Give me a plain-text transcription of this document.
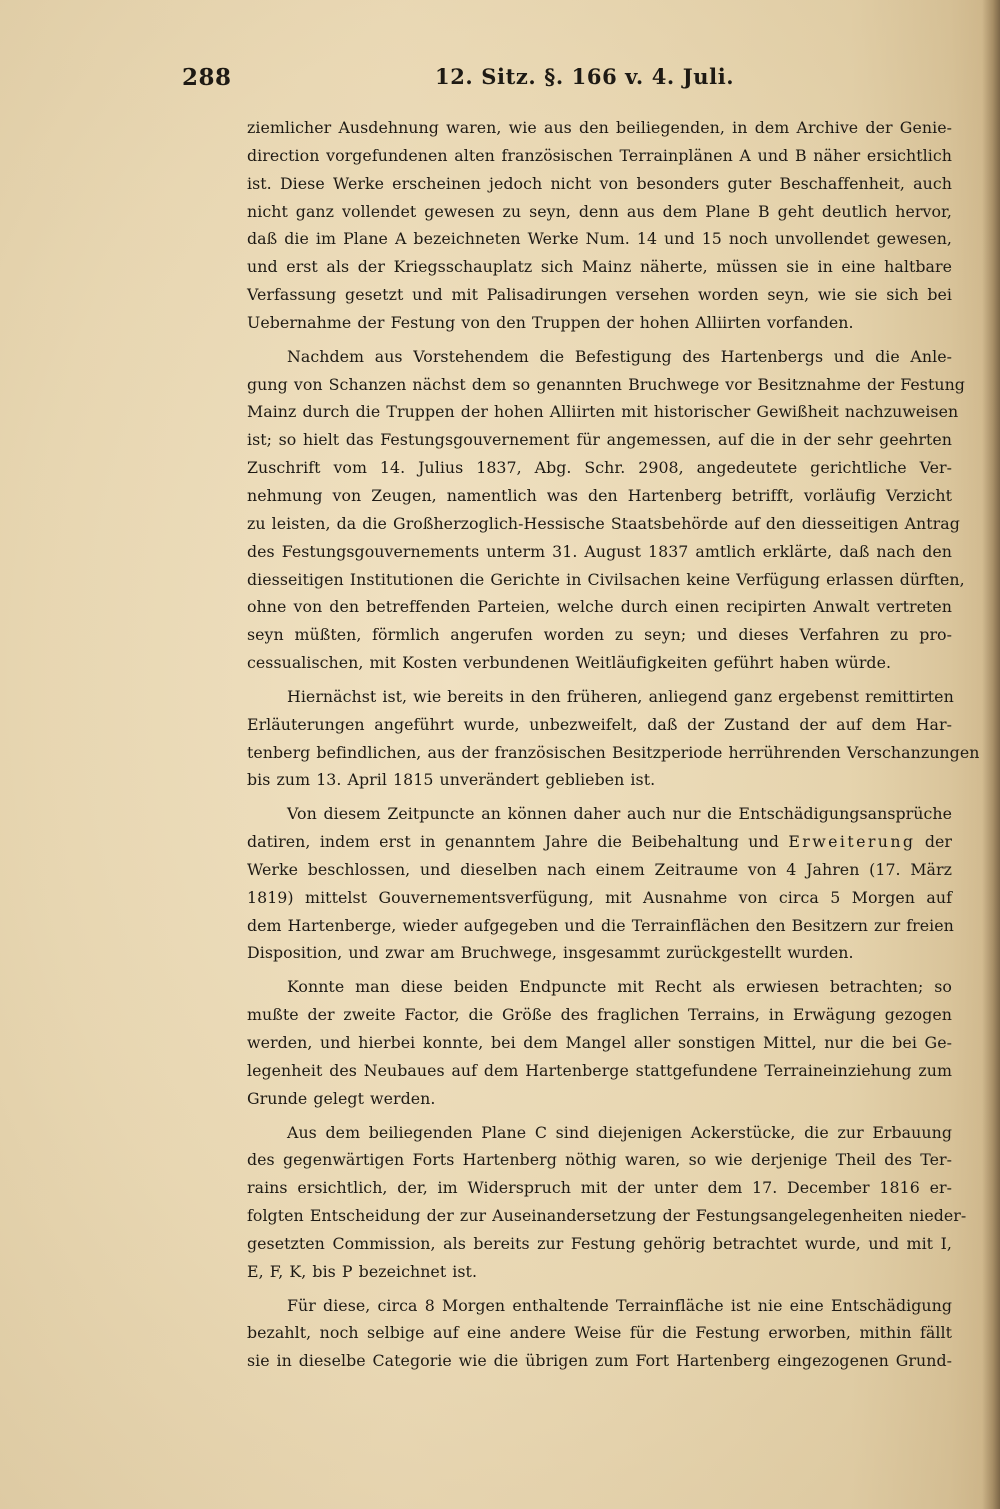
288	12. Sitz. §. 166 v. 4. Juli.
ziemlicher Ausdehnung waren, wie aus den beiliegenden, in dem Archive der Genie-
direction vorgefundenen alten französischen Terrainplänen A und B näher ersichtlich
ist. Diese Werke erscheinen jedoch nicht von besonders guter Beschaffenheit, auch
nicht ganz vollendet gewesen zu seyn, denn aus dem Plane B geht deutlich hervor,
daß die im Plane A bezeichneten Werke Num. 14 und 15 noch unvollendet gewesen,
und erst als der Kriegsschauplatz sich Mainz näherte, müssen sie in eine haltbare
Verfassung gesetzt und mit Palisadirungen versehen worden seyn, wie sie sich bei
Uebernahme der Festung von den Truppen der hohen Alliirten vorfanden.
Nachdem aus Vorstehendem die Befestigung des Hartenbergs und die Anle-
gung von Schanzen nächst dem so genannten Bruchwege vor Besitznahme der Festung
Mainz durch die Truppen der hohen Alliirten mit historischer Gewißheit nachzuweisen
ist; so hielt das Festungsgouvernement für angemessen, auf die in der sehr geehrten
Zuschrift vom 14. Julius 1837, Abg. Schr. 2908, angedeutete gerichtliche Ver-
nehmung von Zeugen, namentlich was den Hartenberg betrifft, vorläufig Verzicht
zu leisten, da die Großherzoglich-Hessische Staatsbehörde auf den diesseitigen Antrag
des Festungsgouvernements unterm 31. August 1837 amtlich erklärte, daß nach den
diesseitigen Institutionen die Gerichte in Civilsachen keine Verfügung erlassen dürften,
ohne von den betreffenden Parteien, welche durch einen recipirten Anwalt vertreten
seyn müßten, förmlich angerufen worden zu seyn; und dieses Verfahren zu pro-
cessualischen, mit Kosten verbundenen Weitläufigkeiten geführt haben würde.
Hiernächst ist, wie bereits in den früheren, anliegend ganz ergebenst remittirten
Erläuterungen angeführt wurde, unbezweifelt, daß der Zustand der auf dem Har-
tenberg befindlichen, aus der französischen Besitzperiode herrührenden Verschanzungen
bis zum 13. April 1815 unverändert geblieben ist.
Von diesem Zeitpuncte an können daher auch nur die Entschädigungsansprüche
datiren, indem erst in genanntem Jahre die Beibehaltung und Erweiterung der
Werke beschlossen, und dieselben nach einem Zeitraume von 4 Jahren (17. März
1819) mittelst Gouvernementsverfügung, mit Ausnahme von circa 5 Morgen auf
dem Hartenberge, wieder aufgegeben und die Terrainflächen den Besitzern zur freien
Disposition, und zwar am Bruchwege, insgesammt zurückgestellt wurden.
Konnte man diese beiden Endpuncte mit Recht als erwiesen betrachten; so
mußte der zweite Factor, die Größe des fraglichen Terrains, in Erwägung gezogen
werden, und hierbei konnte, bei dem Mangel aller sonstigen Mittel, nur die bei Ge-
legenheit des Neubaues auf dem Hartenberge stattgefundene Terraineinziehung zum
Grunde gelegt werden.
Aus dem beiliegenden Plane C sind diejenigen Ackerstücke, die zur Erbauung
des gegenwärtigen Forts Hartenberg nöthig waren, so wie derjenige Theil des Ter-
rains ersichtlich, der, im Widerspruch mit der unter dem 17. December 1816 er-
folgten Entscheidung der zur Auseinandersetzung der Festungsangelegenheiten nieder-
gesetzten Commission, als bereits zur Festung gehörig betrachtet wurde, und mit I,
E, F, K, bis P bezeichnet ist.
Für diese, circa 8 Morgen enthaltende Terrainfläche ist nie eine Entschädigung
bezahlt, noch selbige auf eine andere Weise für die Festung erworben, mithin fällt
sie in dieselbe Categorie wie die übrigen zum Fort Hartenberg eingezogenen Grund-
